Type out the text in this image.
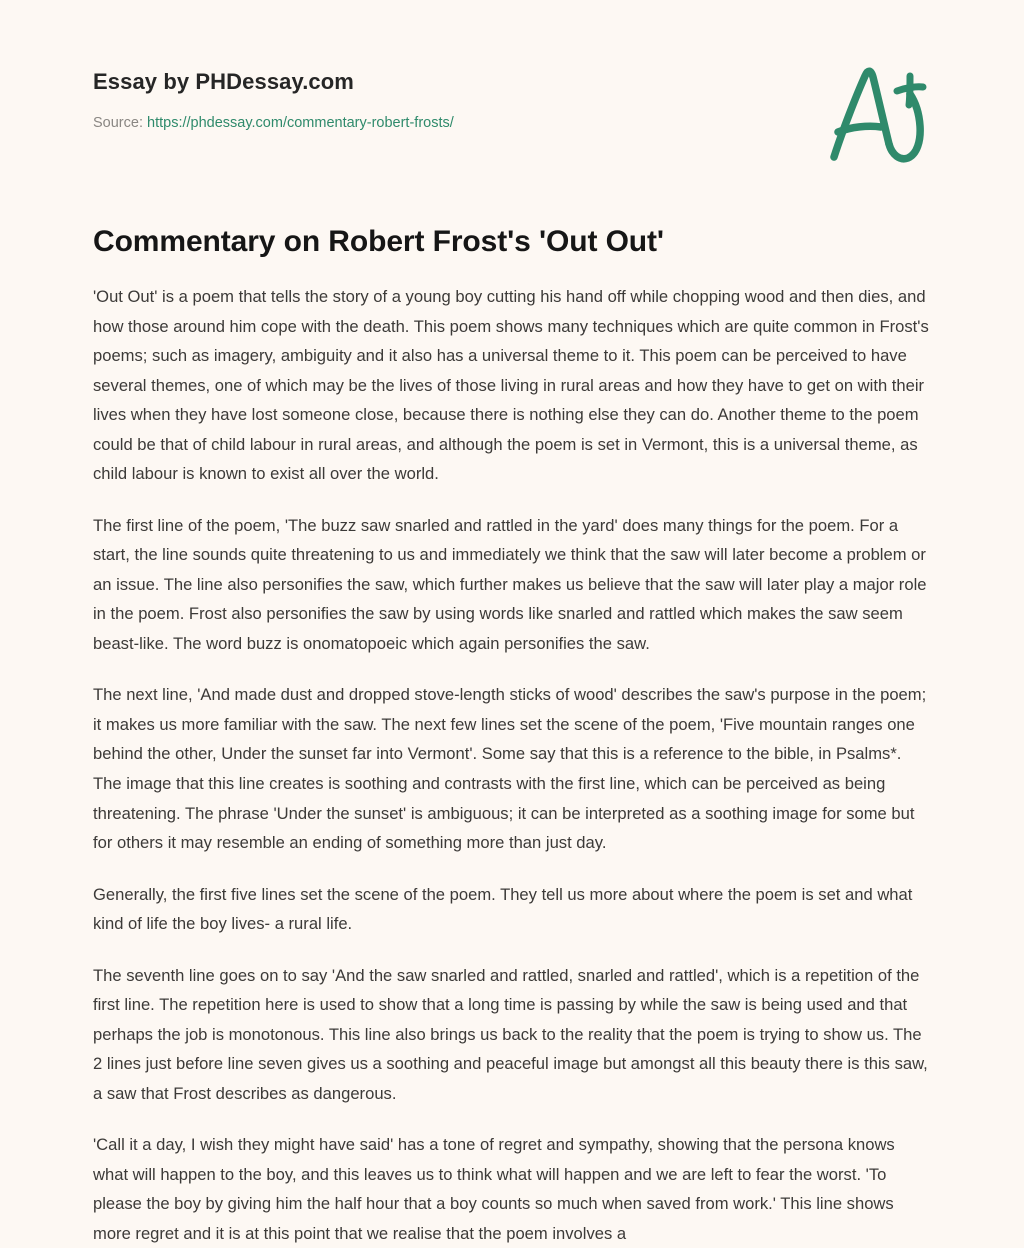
Essay by PHDessay.com
Source: https://phdessay.com/commentary-robert-frosts/
Commentary on Robert Frost's 'Out Out'

'Out Out' is a poem that tells the story of a young boy cutting his hand off while chopping wood and then dies, and how those around him cope with the death. This poem shows many techniques which are quite common in Frost's poems; such as imagery, ambiguity and it also has a universal theme to it. This poem can be perceived to have several themes, one of which may be the lives of those living in rural areas and how they have to get on with their lives when they have lost someone close, because there is nothing else they can do. Another theme to the poem could be that of child labour in rural areas, and although the poem is set in Vermont, this is a universal theme, as child labour is known to exist all over the world.

The first line of the poem, 'The buzz saw snarled and rattled in the yard' does many things for the poem. For a start, the line sounds quite threatening to us and immediately we think that the saw will later become a problem or an issue. The line also personifies the saw, which further makes us believe that the saw will later play a major role in the poem. Frost also personifies the saw by using words like snarled and rattled which makes the saw seem beast-like. The word buzz is onomatopoeic which again personifies the saw.

The next line, 'And made dust and dropped stove-length sticks of wood' describes the saw's purpose in the poem; it makes us more familiar with the saw. The next few lines set the scene of the poem, 'Five mountain ranges one behind the other, Under the sunset far into Vermont'. Some say that this is a reference to the bible, in Psalms*. The image that this line creates is soothing and contrasts with the first line, which can be perceived as being threatening. The phrase 'Under the sunset' is ambiguous; it can be interpreted as a soothing image for some but for others it may resemble an ending of something more than just day.

Generally, the first five lines set the scene of the poem. They tell us more about where the poem is set and what kind of life the boy lives- a rural life.

The seventh line goes on to say 'And the saw snarled and rattled, snarled and rattled', which is a repetition of the first line. The repetition here is used to show that a long time is passing by while the saw is being used and that perhaps the job is monotonous. This line also brings us back to the reality that the poem is trying to show us. The 2 lines just before line seven gives us a soothing and peaceful image but amongst all this beauty there is this saw, a saw that Frost describes as dangerous.

'Call it a day, I wish they might have said' has a tone of regret and sympathy, showing that the persona knows what will happen to the boy, and this leaves us to think what will happen and we are left to fear the worst. 'To please the boy by giving him the half hour that a boy counts so much when saved from work.' This line shows more regret and it is at this point that we realise that the poem involves a
